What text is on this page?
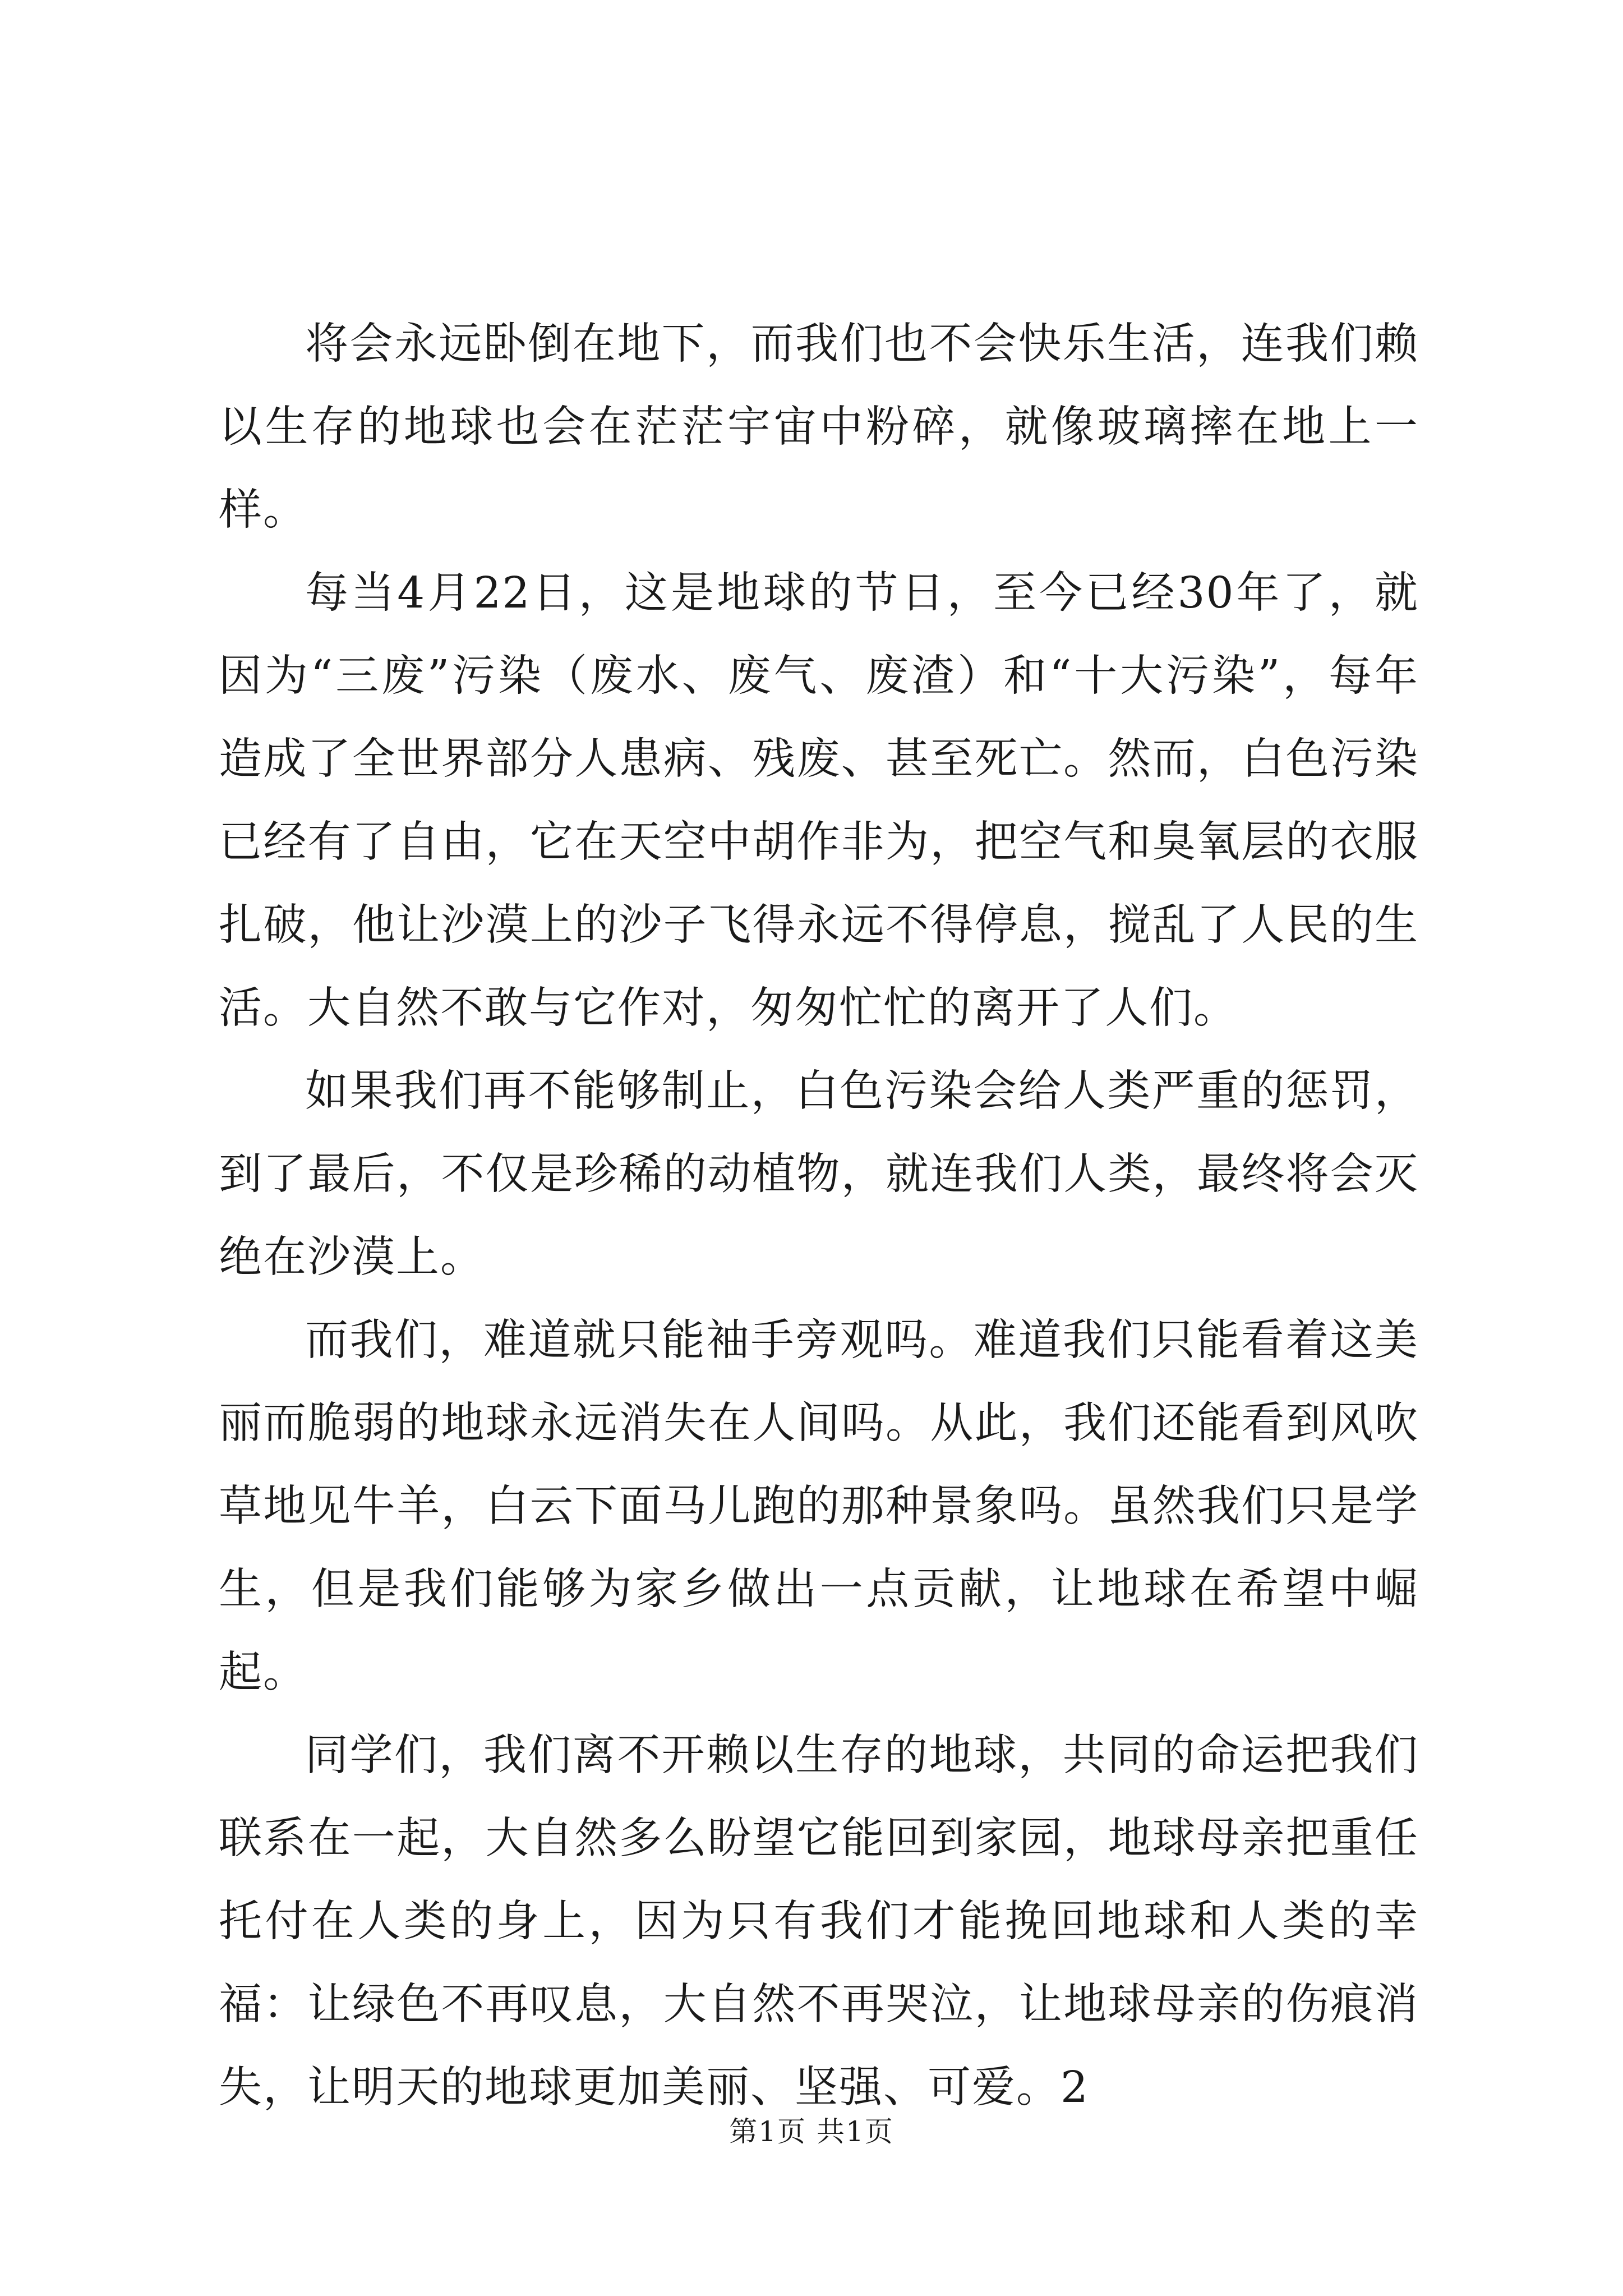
将会永远卧倒在地下，而我们也不会快乐生活，连我们赖以生存的地球也会在茫茫宇宙中粉碎，就像玻璃摔在地上一样。

每当4月22日，这是地球的节日，至今已经30年了，就因为“三废”污染（废水、废气、废渣）和“十大污染”，每年造成了全世界部分人患病、残废、甚至死亡。然而，白色污染已经有了自由，它在天空中胡作非为，把空气和臭氧层的衣服扎破，他让沙漠上的沙子飞得永远不得停息，搅乱了人民的生活。大自然不敢与它作对，匆匆忙忙的离开了人们。

如果我们再不能够制止，白色污染会给人类严重的惩罚，到了最后，不仅是珍稀的动植物，就连我们人类，最终将会灭绝在沙漠上。

而我们，难道就只能袖手旁观吗。难道我们只能看着这美丽而脆弱的地球永远消失在人间吗。从此，我们还能看到风吹草地见牛羊，白云下面马儿跑的那种景象吗。虽然我们只是学生，但是我们能够为家乡做出一点贡献，让地球在希望中崛起。

同学们，我们离不开赖以生存的地球，共同的命运把我们联系在一起，大自然多么盼望它能回到家园，地球母亲把重任托付在人类的身上，因为只有我们才能挽回地球和人类的幸福：让绿色不再叹息，大自然不再哭泣，让地球母亲的伤痕消失，让明天的地球更加美丽、坚强、可爱。2

第1页 共1页
